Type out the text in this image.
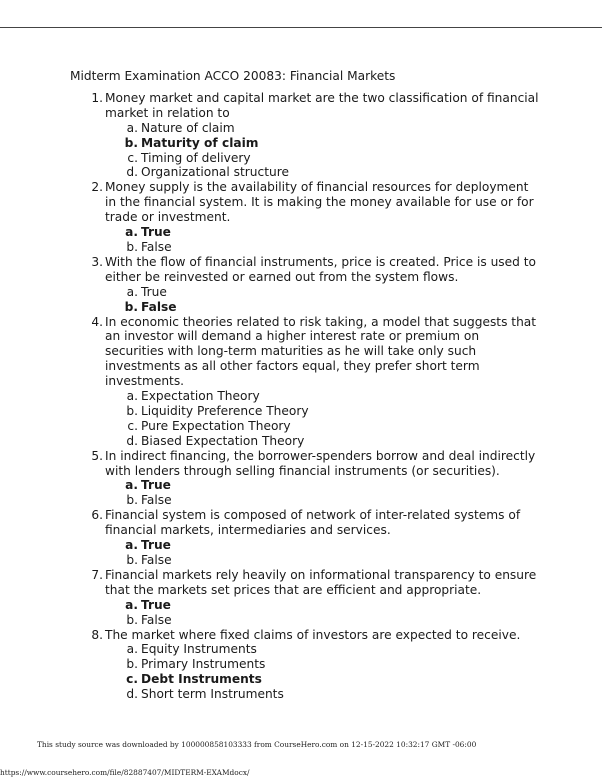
Midterm Examination ACCO 20083: Financial Markets
1 . Money market and capital market are the two classification of financial market in relation to
a . Nature of claim
b . Maturity of claim
c . Timing of delivery
d . Organizational structure
2 . Money supply is the availability of financial resources for deployment in the financial system. It is making the money available for use or for trade or investment.
a . True
b . False
3 . With the flow of financial instruments, price is created. Price is used to either be reinvested or earned out from the system flows.
a . True
b . False
4 . In economic theories related to risk taking, a model that suggests that an investor will demand a higher interest rate or premium on securities with long-term maturities as he will take only such investments as all other factors equal, they prefer short term investments.
a . Expectation Theory
b . Liquidity Preference Theory
c . Pure Expectation Theory
d . Biased Expectation Theory
5 . In indirect financing, the borrower-spenders borrow and deal indirectly with lenders through selling financial instruments (or securities).
a . True
b . False
6 . Financial system is composed of network of inter-related systems of financial markets, intermediaries and services.
a . True
b . False
7 . Financial markets rely heavily on informational transparency to ensure that the markets set prices that are efficient and appropriate.
a . True
b . False
8 . The market where fixed claims of investors are expected to receive.
a . Equity Instruments
b . Primary Instruments
c . Debt Instruments
d . Short term Instruments
This study source was downloaded by 100000858103333 from CourseHero.com on 12-15-2022 10:32:17 GMT -06:00
https://www.coursehero.com/file/82887407/MIDTERM-EXAMdocx/
